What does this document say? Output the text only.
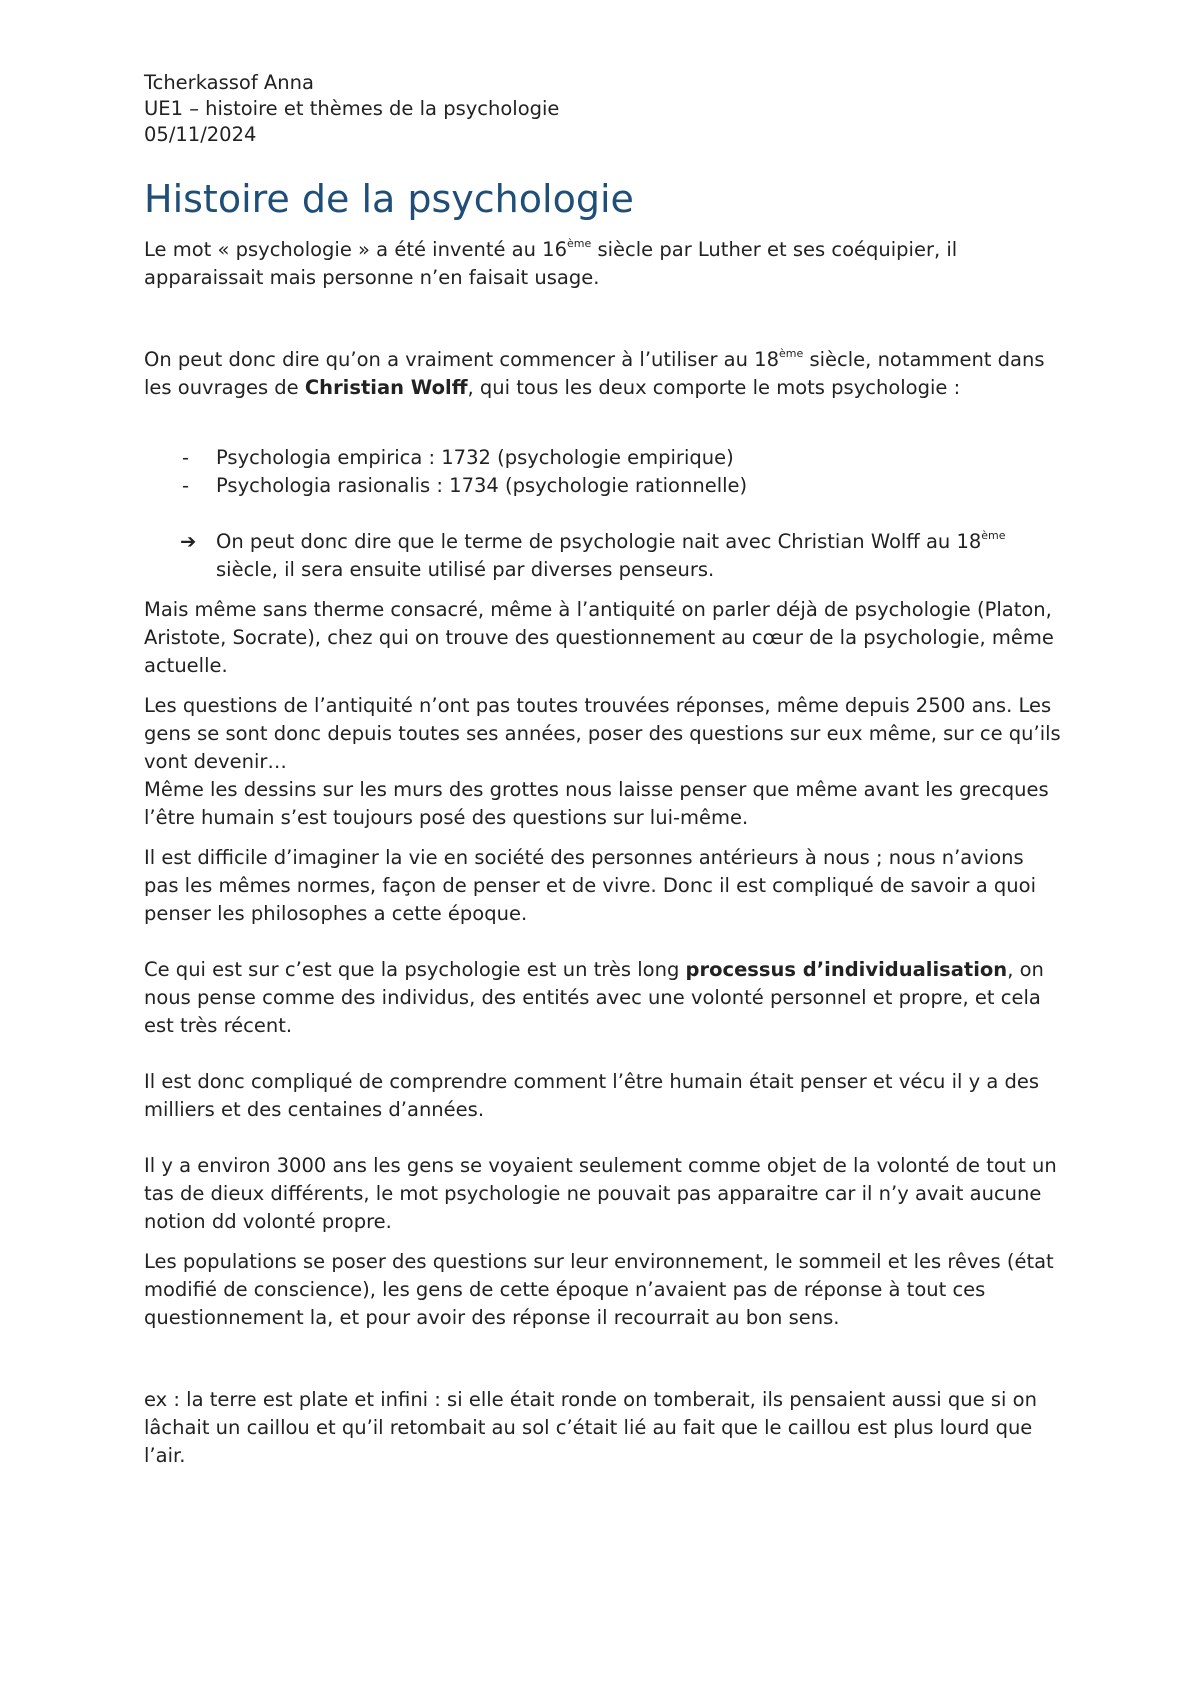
Tcherkassof Anna

UE1 – histoire et thèmes de la psychologie

05/11/2024

Histoire de la psychologie

Le mot « psychologie » a été inventé au 16ème siècle par Luther et ses coéquipier, il apparaissait mais personne n’en faisait usage.

On peut donc dire qu’on a vraiment commencer à l’utiliser au 18ème siècle, notamment dans les ouvrages de Christian Wolff, qui tous les deux comporte le mots psychologie :

- Psychologia empirica : 1732 (psychologie empirique)
- Psychologia rasionalis : 1734 (psychologie rationnelle)
➔ On peut donc dire que le terme de psychologie nait avec Christian Wolff au 18ème siècle, il sera ensuite utilisé par diverses penseurs.

Mais même sans therme consacré, même à l’antiquité on parler déjà de psychologie (Platon, Aristote, Socrate), chez qui on trouve des questionnement au cœur de la psychologie, même actuelle.

Les questions de l’antiquité n’ont pas toutes trouvées réponses, même depuis 2500 ans. Les gens se sont donc depuis toutes ses années, poser des questions sur eux même, sur ce qu’ils vont devenir…

Même les dessins sur les murs des grottes nous laisse penser que même avant les grecques l’être humain s’est toujours posé des questions sur lui-même.

Il est difficile d’imaginer la vie en société des personnes antérieurs à nous ; nous n’avions pas les mêmes normes, façon de penser et de vivre. Donc il est compliqué de savoir a quoi penser les philosophes a cette époque.

Ce qui est sur c’est que la psychologie est un très long processus d’individualisation, on nous pense comme des individus, des entités avec une volonté personnel et propre, et cela est très récent.

Il est donc compliqué de comprendre comment l’être humain était penser et vécu il y a des milliers et des centaines d’années.

Il y a environ 3000 ans les gens se voyaient seulement comme objet de la volonté de tout un tas de dieux différents, le mot psychologie ne pouvait pas apparaitre car il n’y avait aucune notion dd volonté propre.

Les populations se poser des questions sur leur environnement, le sommeil et les rêves (état modifié de conscience), les gens de cette époque n’avaient pas de réponse à tout ces questionnement la, et pour avoir des réponse il recourrait au bon sens.

ex : la terre est plate et infini : si elle était ronde on tomberait, ils pensaient aussi que si on lâchait un caillou et qu’il retombait au sol c’était lié au fait que le caillou est plus lourd que l’air.
